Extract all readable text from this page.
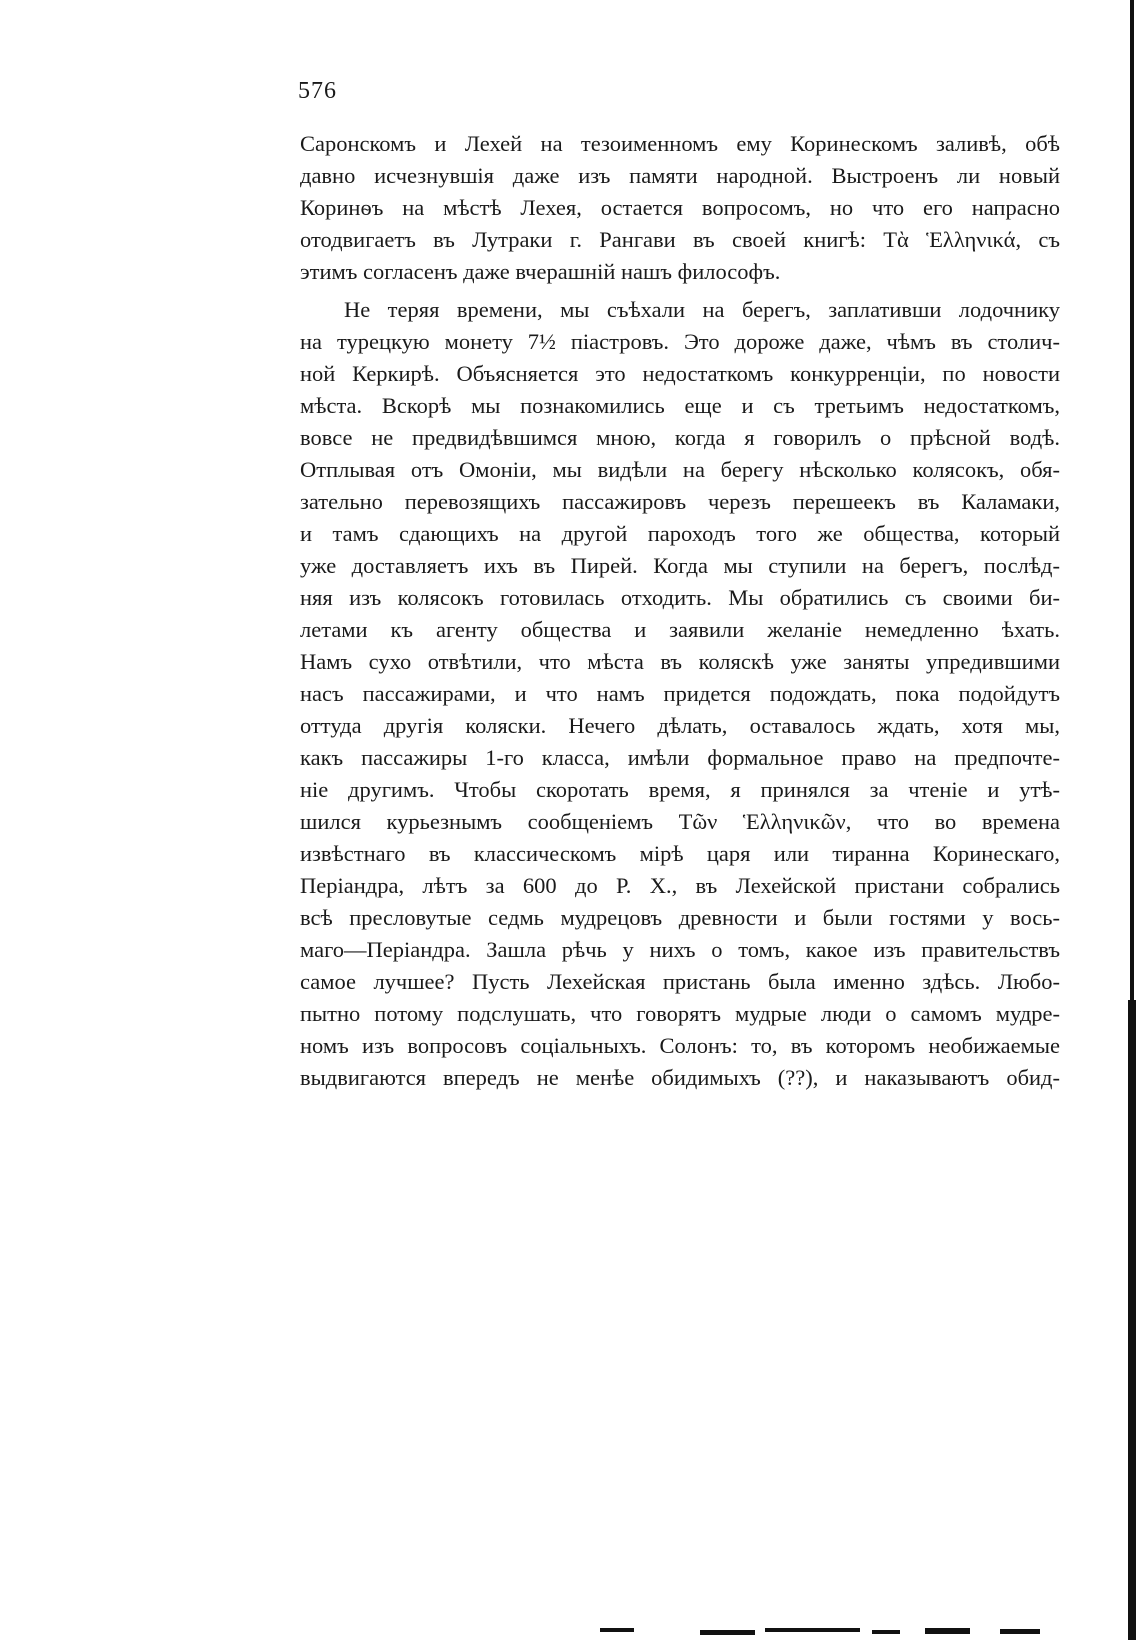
576
Саронскомъ и Лехей на тезоименномъ ему Коринескомъ заливѣ, обѣ
давно исчезнувшія даже изъ памяти народной. Выстроенъ ли новый
Коринѳъ на мѣстѣ Лехея, остается вопросомъ, но что его напрасно
отодвигаетъ въ Лутраки г. Рангави въ своей книгѣ: Τὰ Ἑλληνικά, съ
этимъ согласенъ даже вчерашній нашъ философъ.
Не теряя времени, мы съѣхали на берегъ, заплативши лодочнику
на турецкую монету 7½ піастровъ. Это дороже даже, чѣмъ въ столич-
ной Керкирѣ. Объясняется это недостаткомъ конкурренціи, по новости
мѣста. Вскорѣ мы познакомились еще и съ третьимъ недостаткомъ,
вовсе не предвидѣвшимся мною, когда я говорилъ о прѣсной водѣ.
Отплывая отъ Омоніи, мы видѣли на берегу нѣсколько колясокъ, обя-
зательно перевозящихъ пассажировъ черезъ перешеекъ въ Каламаки,
и тамъ сдающихъ на другой пароходъ того же общества, который
уже доставляетъ ихъ въ Пирей. Когда мы ступили на берегъ, послѣд-
няя изъ колясокъ готовилась отходить. Мы обратились съ своими би-
летами къ агенту общества и заявили желаніе немедленно ѣхать.
Намъ сухо отвѣтили, что мѣста въ коляскѣ уже заняты упредившими
насъ пассажирами, и что намъ придется подождать, пока подойдутъ
оттуда другія коляски. Нечего дѣлать, оставалось ждать, хотя мы,
какъ пассажиры 1-го класса, имѣли формальное право на предпочте-
ніе другимъ. Чтобы скоротать время, я принялся за чтеніе и утѣ-
шился курьезнымъ сообщеніемъ Τῶν Ἑλληνικῶν, что во времена
извѣстнаго въ классическомъ мірѣ царя или тиранна Коринескаго,
Періандра, лѣтъ за 600 до Р. Х., въ Лехейской пристани собрались
всѣ пресловутые седмь мудрецовъ древности и были гостями у вось-
маго—Періандра. Зашла рѣчь у нихъ о томъ, какое изъ правительствъ
самое лучшее? Пусть Лехейская пристань была именно здѣсь. Любо-
пытно потому подслушать, что говорятъ мудрые люди о самомъ мудре-
номъ изъ вопросовъ соціальныхъ. Солонъ: то, въ которомъ необижаемые
выдвигаются впередъ не менѣе обидимыхъ (??), и наказываютъ обид-
